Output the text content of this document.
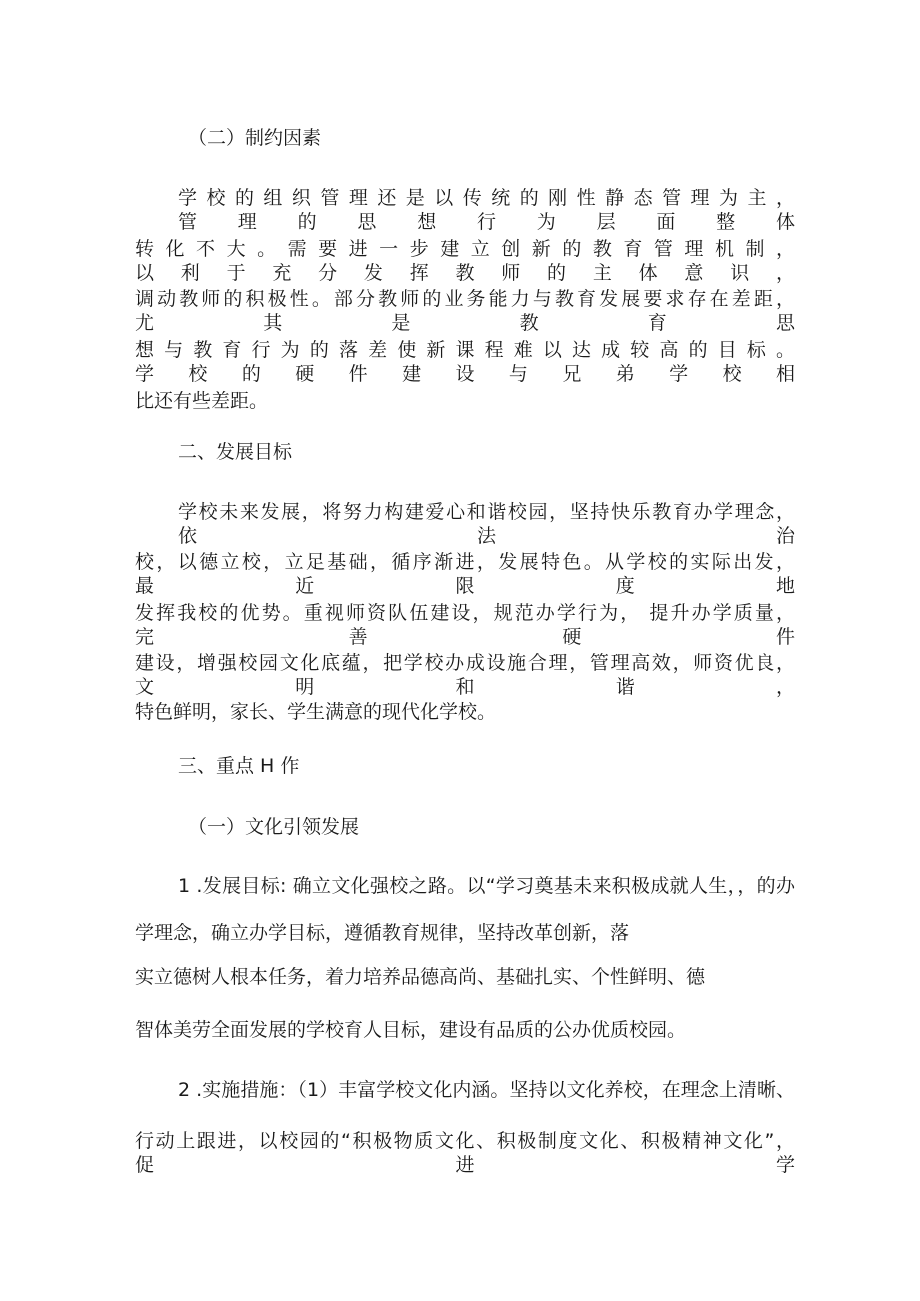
（二）制约因素
学校的组织管理还是以传统的刚性静态管理为主，管理的思想行为层面整体
转化不大。需要进一步建立创新的教育管理机制，以利于充分发挥教师的主体意识，
调动教师的积极性。部分教师的业务能力与教育发展要求存在差距，尤其是教育思
想与教育行为的落差使新课程难以达成较高的目标。学校的硬件建设与兄弟学校相
比还有些差距。
二、发展目标
学校未来发展，将努力构建爱心和谐校园，坚持快乐教育办学理念，依法治
校，以德立校，立足基础，循序渐进，发展特色。从学校的实际出发，最近限度地
发挥我校的优势。重视师资队伍建设，规范办学行为， 提升办学质量， 完善硬件
建设，增强校园文化底蕴，把学校办成设施合理，管理高效，师资优良，文明和谐，
特色鲜明，家长、学生满意的现代化学校。
三、重点 H 作
（一）文化引领发展
1 .发展目标: 确立文化强校之路。以“学习奠基未来积极成就人生，，的办
学理念，确立办学目标，遵循教育规律，坚持改革创新，落
实立德树人根本任务，着力培养品德高尚、基础扎实、个性鲜明、德
智体美劳全面发展的学校育人目标，建设有品质的公办优质校园。
2 .实施措施：（1）丰富学校文化内涵。坚持以文化养校，在理念上清晰、
行动上跟进，以校园的“积极物质文化、积极制度文化、积极精神文化”，促进学
